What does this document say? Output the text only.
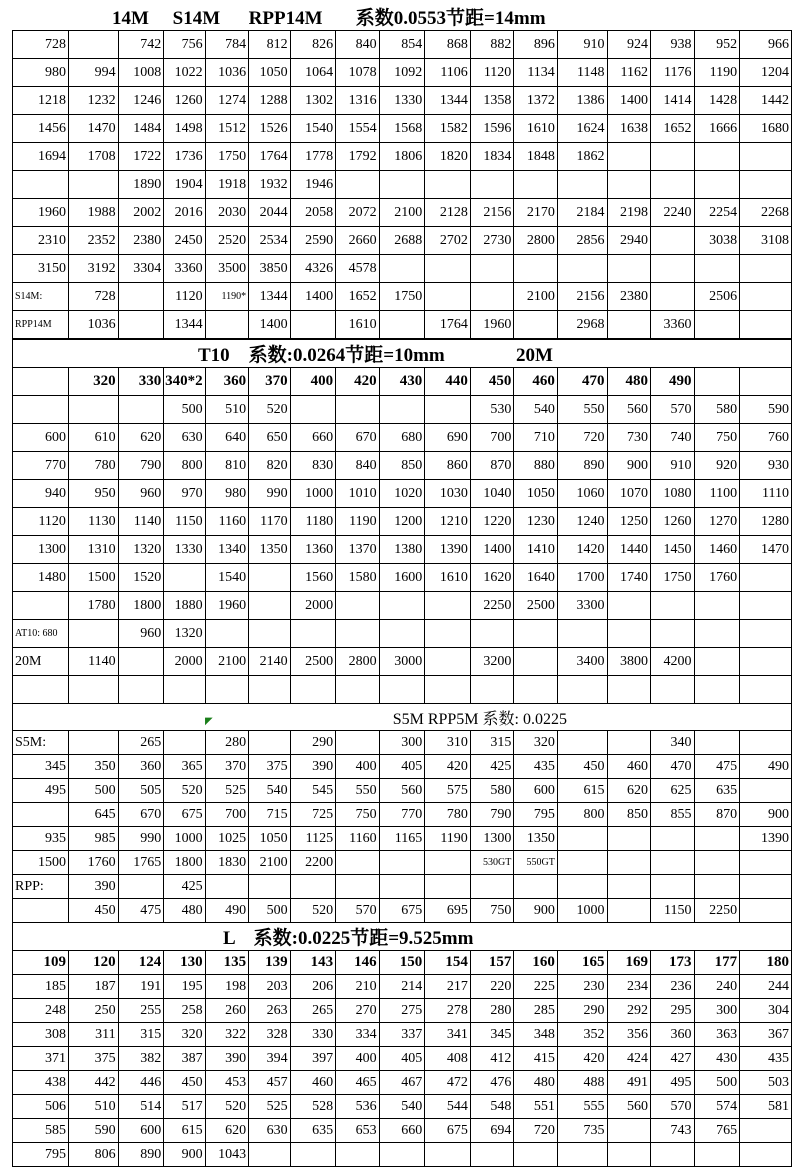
14M     S14M      RPP14M       系数0.0553节距=14mm
728		742	756	784	812	826	840	854	868	882	896	910	924	938	952	966
980	994	1008	1022	1036	1050	1064	1078	1092	1106	1120	1134	1148	1162	1176	1190	1204
1218	1232	1246	1260	1274	1288	1302	1316	1330	1344	1358	1372	1386	1400	1414	1428	1442
1456	1470	1484	1498	1512	1526	1540	1554	1568	1582	1596	1610	1624	1638	1652	1666	1680
1694	1708	1722	1736	1750	1764	1778	1792	1806	1820	1834	1848	1862				
		1890	1904	1918	1932	1946										
1960	1988	2002	2016	2030	2044	2058	2072	2100	2128	2156	2170	2184	2198	2240	2254	2268
2310	2352	2380	2450	2520	2534	2590	2660	2688	2702	2730	2800	2856	2940		3038	3108
3150	3192	3304	3360	3500	3850	4326	4578									
S14M:	728		1120	1190*	1344	1400	1652	1750			2100	2156	2380		2506	
RPP14M	1036		1344		1400		1610		1764	1960		2968		3360		
T10    系数:0.0264节距=10mm               20M
	320	330	340*2	360	370	400	420	430	440	450	460	470	480	490		
			500	510	520					530	540	550	560	570	580	590
600	610	620	630	640	650	660	670	680	690	700	710	720	730	740	750	760
770	780	790	800	810	820	830	840	850	860	870	880	890	900	910	920	930
940	950	960	970	980	990	1000	1010	1020	1030	1040	1050	1060	1070	1080	1100	1110
1120	1130	1140	1150	1160	1170	1180	1190	1200	1210	1220	1230	1240	1250	1260	1270	1280
1300	1310	1320	1330	1340	1350	1360	1370	1380	1390	1400	1410	1420	1440	1450	1460	1470
1480	1500	1520		1540		1560	1580	1600	1610	1620	1640	1700	1740	1750	1760	
	1780	1800	1880	1960		2000				2250	2500	3300				
AT10: 680		960	1320													
20M	1140		2000	2100	2140	2500	2800	3000		3200		3400	3800	4200		

◤	S5M RPP5M 系数: 0.0225
S5M:		265		280		290		300	310	315	320			340		
345	350	360	365	370	375	390	400	405	420	425	435	450	460	470	475	490
495	500	505	520	525	540	545	550	560	575	580	600	615	620	625	635	
	645	670	675	700	715	725	750	770	780	790	795	800	850	855	870	900
935	985	990	1000	1025	1050	1125	1160	1165	1190	1300	1350					1390
1500	1760	1765	1800	1830	2100	2200				530GT	550GT					
RPP:	390		425													
	450	475	480	490	500	520	570	675	695	750	900	1000		1150	2250	
L    系数:0.0225节距=9.525mm
109	120	124	130	135	139	143	146	150	154	157	160	165	169	173	177	180
185	187	191	195	198	203	206	210	214	217	220	225	230	234	236	240	244
248	250	255	258	260	263	265	270	275	278	280	285	290	292	295	300	304
308	311	315	320	322	328	330	334	337	341	345	348	352	356	360	363	367
371	375	382	387	390	394	397	400	405	408	412	415	420	424	427	430	435
438	442	446	450	453	457	460	465	467	472	476	480	488	491	495	500	503
506	510	514	517	520	525	528	536	540	544	548	551	555	560	570	574	581
585	590	600	615	620	630	635	653	660	675	694	720	735		743	765	
795	806	890	900	1043												
